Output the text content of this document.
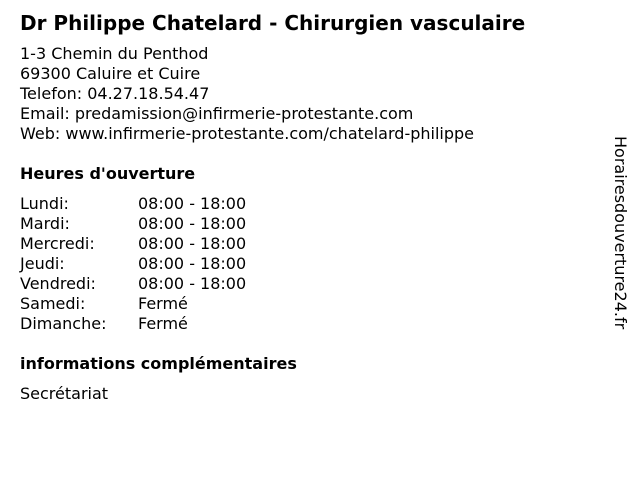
Dr Philippe Chatelard - Chirurgien vasculaire
1-3 Chemin du Penthod
69300 Caluire et Cuire
Telefon: 04.27.18.54.47
Email: predamission@infirmerie-protestante.com
Web: www.infirmerie-protestante.com/chatelard-philippe
Heures d'ouverture
Lundi:	08:00 - 18:00
Mardi:	08:00 - 18:00
Mercredi:	08:00 - 18:00
Jeudi:	08:00 - 18:00
Vendredi:	08:00 - 18:00
Samedi:	Fermé
Dimanche: Fermé
informations complémentaires
Secrétariat
Horairesdouverture24.fr
